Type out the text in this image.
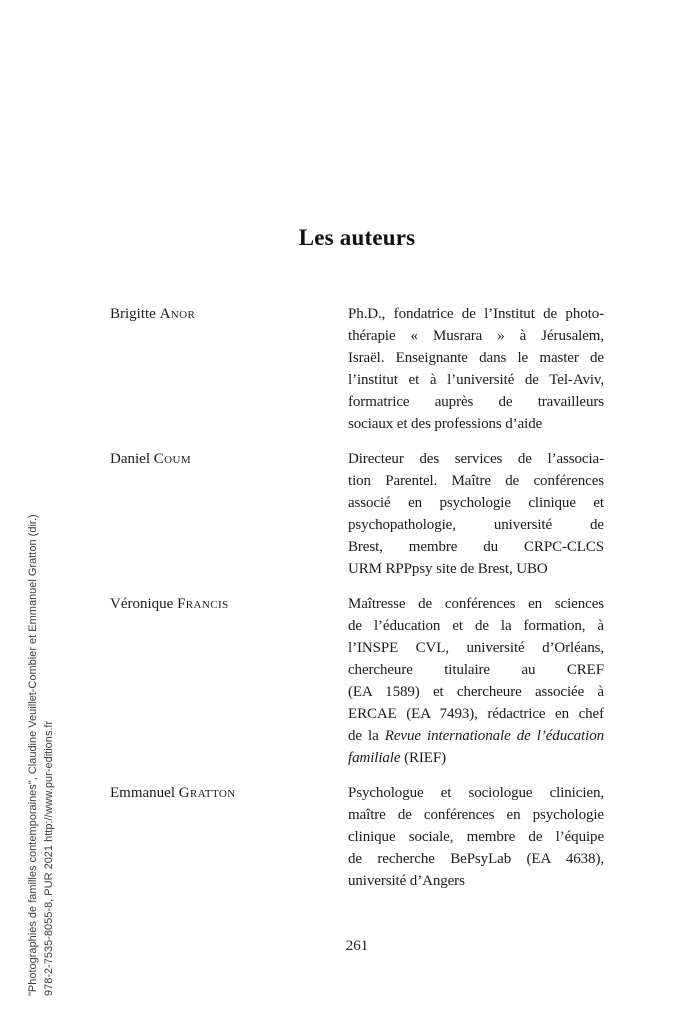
"Photographies de familles contemporaines", Claudine Veuillet-Combier et Emmanuel Gratton (dir.) 978-2-7535-8055-8, PUR 2021 http://www.pur-editions.fr
Les auteurs
Brigitte Anor	Ph.D., fondatrice de l’Institut de photo-
thérapie « Musrara » à Jérusalem,
Israël. Enseignante dans le master de
l’institut et à l’université de Tel-Aviv,
formatrice auprès de travailleurs
sociaux et des professions d’aide
Daniel Coum	Directeur des services de l’associa-
tion Parentel. Maître de conférences
associé en psychologie clinique et
psychopathologie, université de
Brest, membre du CRPC-CLCS
URM RPPpsy site de Brest, UBO
Véronique Francis	Maîtresse de conférences en sciences
de l’éducation et de la formation, à
l’INSPE CVL, université d’Orléans,
chercheure titulaire au CREF
(EA 1589) et chercheure associée à
ERCAE (EA 7493), rédactrice en chef
de la Revue internationale de l’éducation
familiale (RIEF)
Emmanuel Gratton	Psychologue et sociologue clinicien,
maître de conférences en psychologie
clinique sociale, membre de l’équipe
de recherche BePsyLab (EA 4638),
université d’Angers
261
